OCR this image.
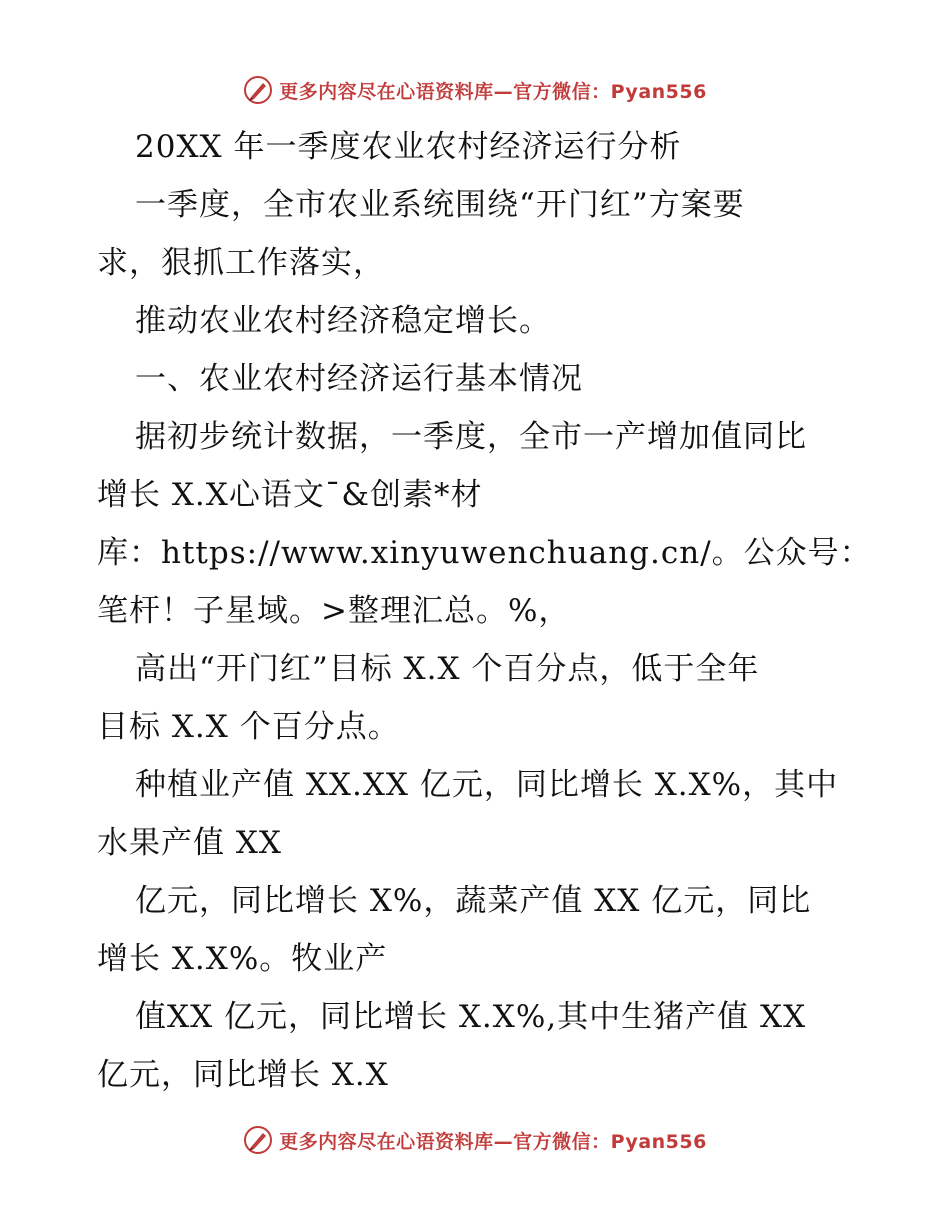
更多内容尽在心语资料库—官方微信：Pyan556
20XX 年一季度农业农村经济运行分析
一季度，全市农业系统围绕“开门红”方案要
求，狠抓工作落实，
推动农业农村经济稳定增长。
一、农业农村经济运行基本情况
据初步统计数据，一季度，全市一产增加值同比
增长 X.X心语文¯&创素*材
库：https://www.xinyuwenchuang.cn/。公众号：
笔杆！子星域。>整理汇总。%，
高出“开门红”目标 X.X 个百分点，低于全年
目标 X.X 个百分点。
种植业产值 XX.XX 亿元，同比增长 X.X%，其中
水果产值 XX
亿元，同比增长 X%，蔬菜产值 XX 亿元，同比
增长 X.X%。牧业产
值XX 亿元，同比增长 X.X%,其中生猪产值 XX
亿元，同比增长 X.X
更多内容尽在心语资料库—官方微信：Pyan556
